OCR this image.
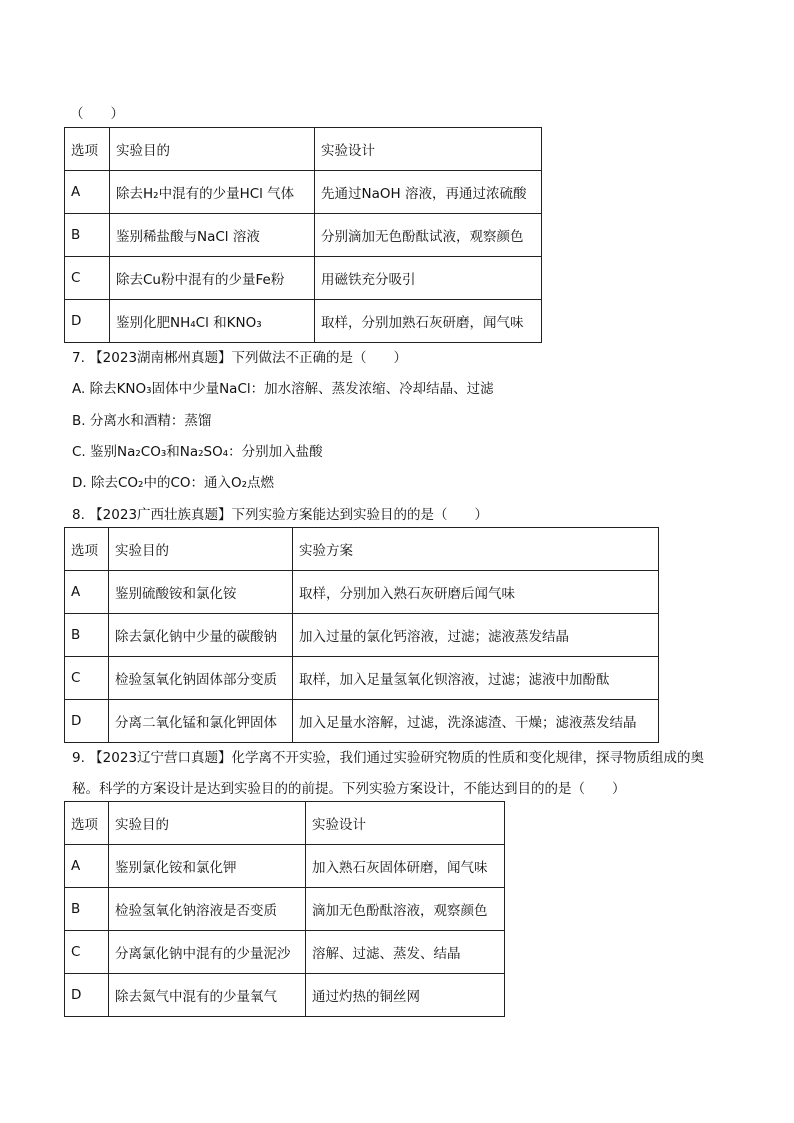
（　　）
选项	实验目的	实验设计
A	除去H₂中混有的少量HCl 气体	先通过NaOH 溶液，再通过浓硫酸
B	鉴别稀盐酸与NaCl 溶液	分别滴加无色酚酞试液，观察颜色
C	除去Cu粉中混有的少量Fe粉	用磁铁充分吸引
D	鉴别化肥NH₄Cl 和KNO₃	取样，分别加熟石灰研磨，闻气味
7. 【2023湖南郴州真题】下列做法不正确的是（　　）
A. 除去KNO₃固体中少量NaCl：加水溶解、蒸发浓缩、冷却结晶、过滤
B. 分离水和酒精：蒸馏
C. 鉴别Na₂CO₃和Na₂SO₄：分别加入盐酸
D. 除去CO₂中的CO：通入O₂点燃
8. 【2023广西壮族真题】下列实验方案能达到实验目的的是（　　）
选项	实验目的	实验方案
A	鉴别硫酸铵和氯化铵	取样，分别加入熟石灰研磨后闻气味
B	除去氯化钠中少量的碳酸钠	加入过量的氯化钙溶液，过滤；滤液蒸发结晶
C	检验氢氧化钠固体部分变质	取样，加入足量氢氧化钡溶液，过滤；滤液中加酚酞
D	分离二氧化锰和氯化钾固体	加入足量水溶解，过滤，洗涤滤渣、干燥；滤液蒸发结晶
9. 【2023辽宁营口真题】化学离不开实验，我们通过实验研究物质的性质和变化规律，探寻物质组成的奥
秘。科学的方案设计是达到实验目的的前提。下列实验方案设计，不能达到目的的是（　　）
选项	实验目的	实验设计
A	鉴别氯化铵和氯化钾	加入熟石灰固体研磨，闻气味
B	检验氢氧化钠溶液是否变质	滴加无色酚酞溶液，观察颜色
C	分离氯化钠中混有的少量泥沙	溶解、过滤、蒸发、结晶
D	除去氮气中混有的少量氧气	通过灼热的铜丝网
